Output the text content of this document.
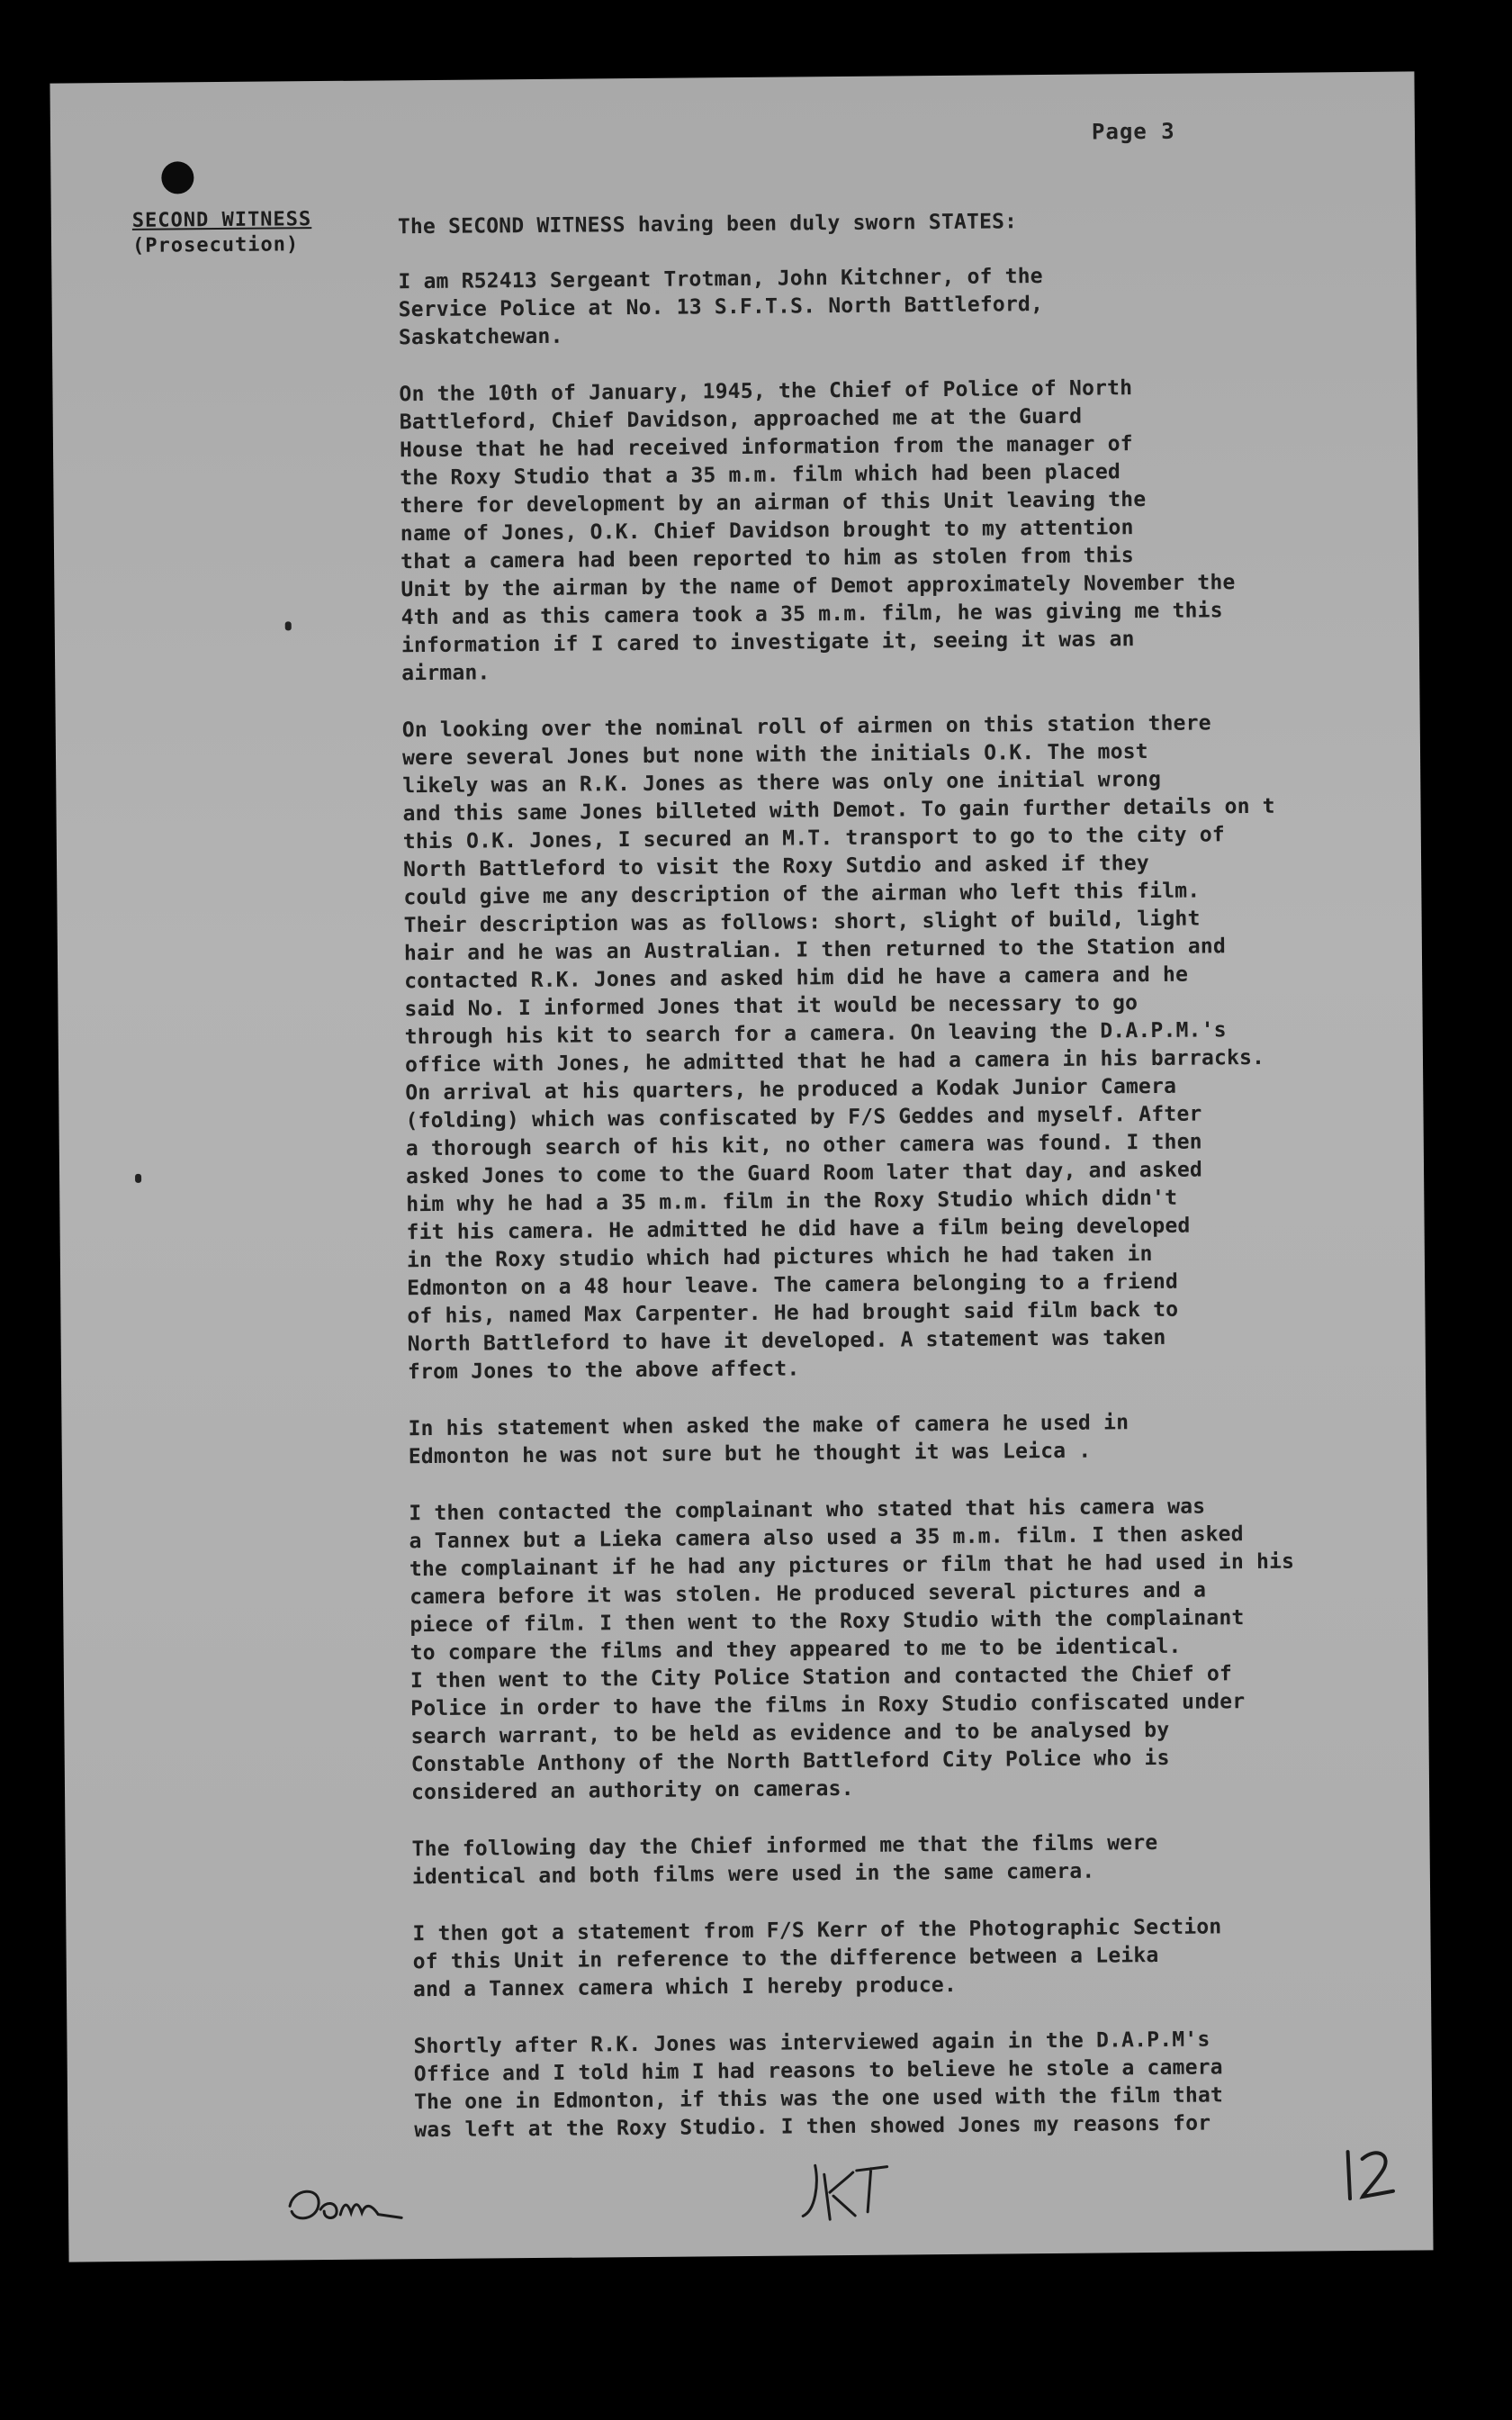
Page 3
SECOND WITNESS
(Prosecution)

The SECOND WITNESS having been duly sworn STATES:

I am R52413 Sergeant Trotman, John Kitchner, of the
Service Police at No. 13 S.F.T.S. North Battleford,
Saskatchewan.

On the 10th of January, 1945, the Chief of Police of North
Battleford, Chief Davidson, approached me at the Guard
House that he had received information from the manager of
the Roxy Studio that a 35 m.m. film which had been placed
there for development by an airman of this Unit leaving the
name of Jones, O.K. Chief Davidson brought to my attention
that a camera had been reported to him as stolen from this
Unit by the airman by the name of Demot approximately November the
4th and as this camera took a 35 m.m. film, he was giving me this
information if I cared to investigate it, seeing it was an
airman.

On looking over the nominal roll of airmen on this station there
were several Jones but none with the initials O.K. The most
likely was an R.K. Jones as there was only one initial wrong
and this same Jones billeted with Demot. To gain further details on t
this O.K. Jones, I secured an M.T. transport to go to the city of
North Battleford to visit the Roxy Sutdio and asked if they
could give me any description of the airman who left this film.
Their description was as follows: short, slight of build, light
hair and he was an Australian. I then returned to the Station and
contacted R.K. Jones and asked him did he have a camera and he
said No. I informed Jones that it would be necessary to go
through his kit to search for a camera. On leaving the D.A.P.M.'s
office with Jones, he admitted that he had a camera in his barracks.
On arrival at his quarters, he produced a Kodak Junior Camera
(folding) which was confiscated by F/S Geddes and myself. After
a thorough search of his kit, no other camera was found. I then
asked Jones to come to the Guard Room later that day, and asked
him why he had a 35 m.m. film in the Roxy Studio which didn't
fit his camera. He admitted he did have a film being developed
in the Roxy studio which had pictures which he had taken in
Edmonton on a 48 hour leave. The camera belonging to a friend
of his, named Max Carpenter. He had brought said film back to
North Battleford to have it developed. A statement was taken
from Jones to the above affect.

In his statement when asked the make of camera he used in
Edmonton he was not sure but he thought it was Leica .

I then contacted the complainant who stated that his camera was
a Tannex but a Lieka camera also used a 35 m.m. film. I then asked
the complainant if he had any pictures or film that he had used in his
camera before it was stolen. He produced several pictures and a
piece of film. I then went to the Roxy Studio with the complainant
to compare the films and they appeared to me to be identical.
I then went to the City Police Station and contacted the Chief of
Police in order to have the films in Roxy Studio confiscated under
search warrant, to be held as evidence and to be analysed by
Constable Anthony of the North Battleford City Police who is
considered an authority on cameras.

The following day the Chief informed me that the films were
identical and both films were used in the same camera.

I then got a statement from F/S Kerr of the Photographic Section
of this Unit in reference to the difference between a Leika
and a Tannex camera which I hereby produce.

Shortly after R.K. Jones was interviewed again in the D.A.P.M's
Office and I told him I had reasons to believe he stole a camera
The one in Edmonton, if this was the one used with the film that
was left at the Roxy Studio. I then showed Jones my reasons for
